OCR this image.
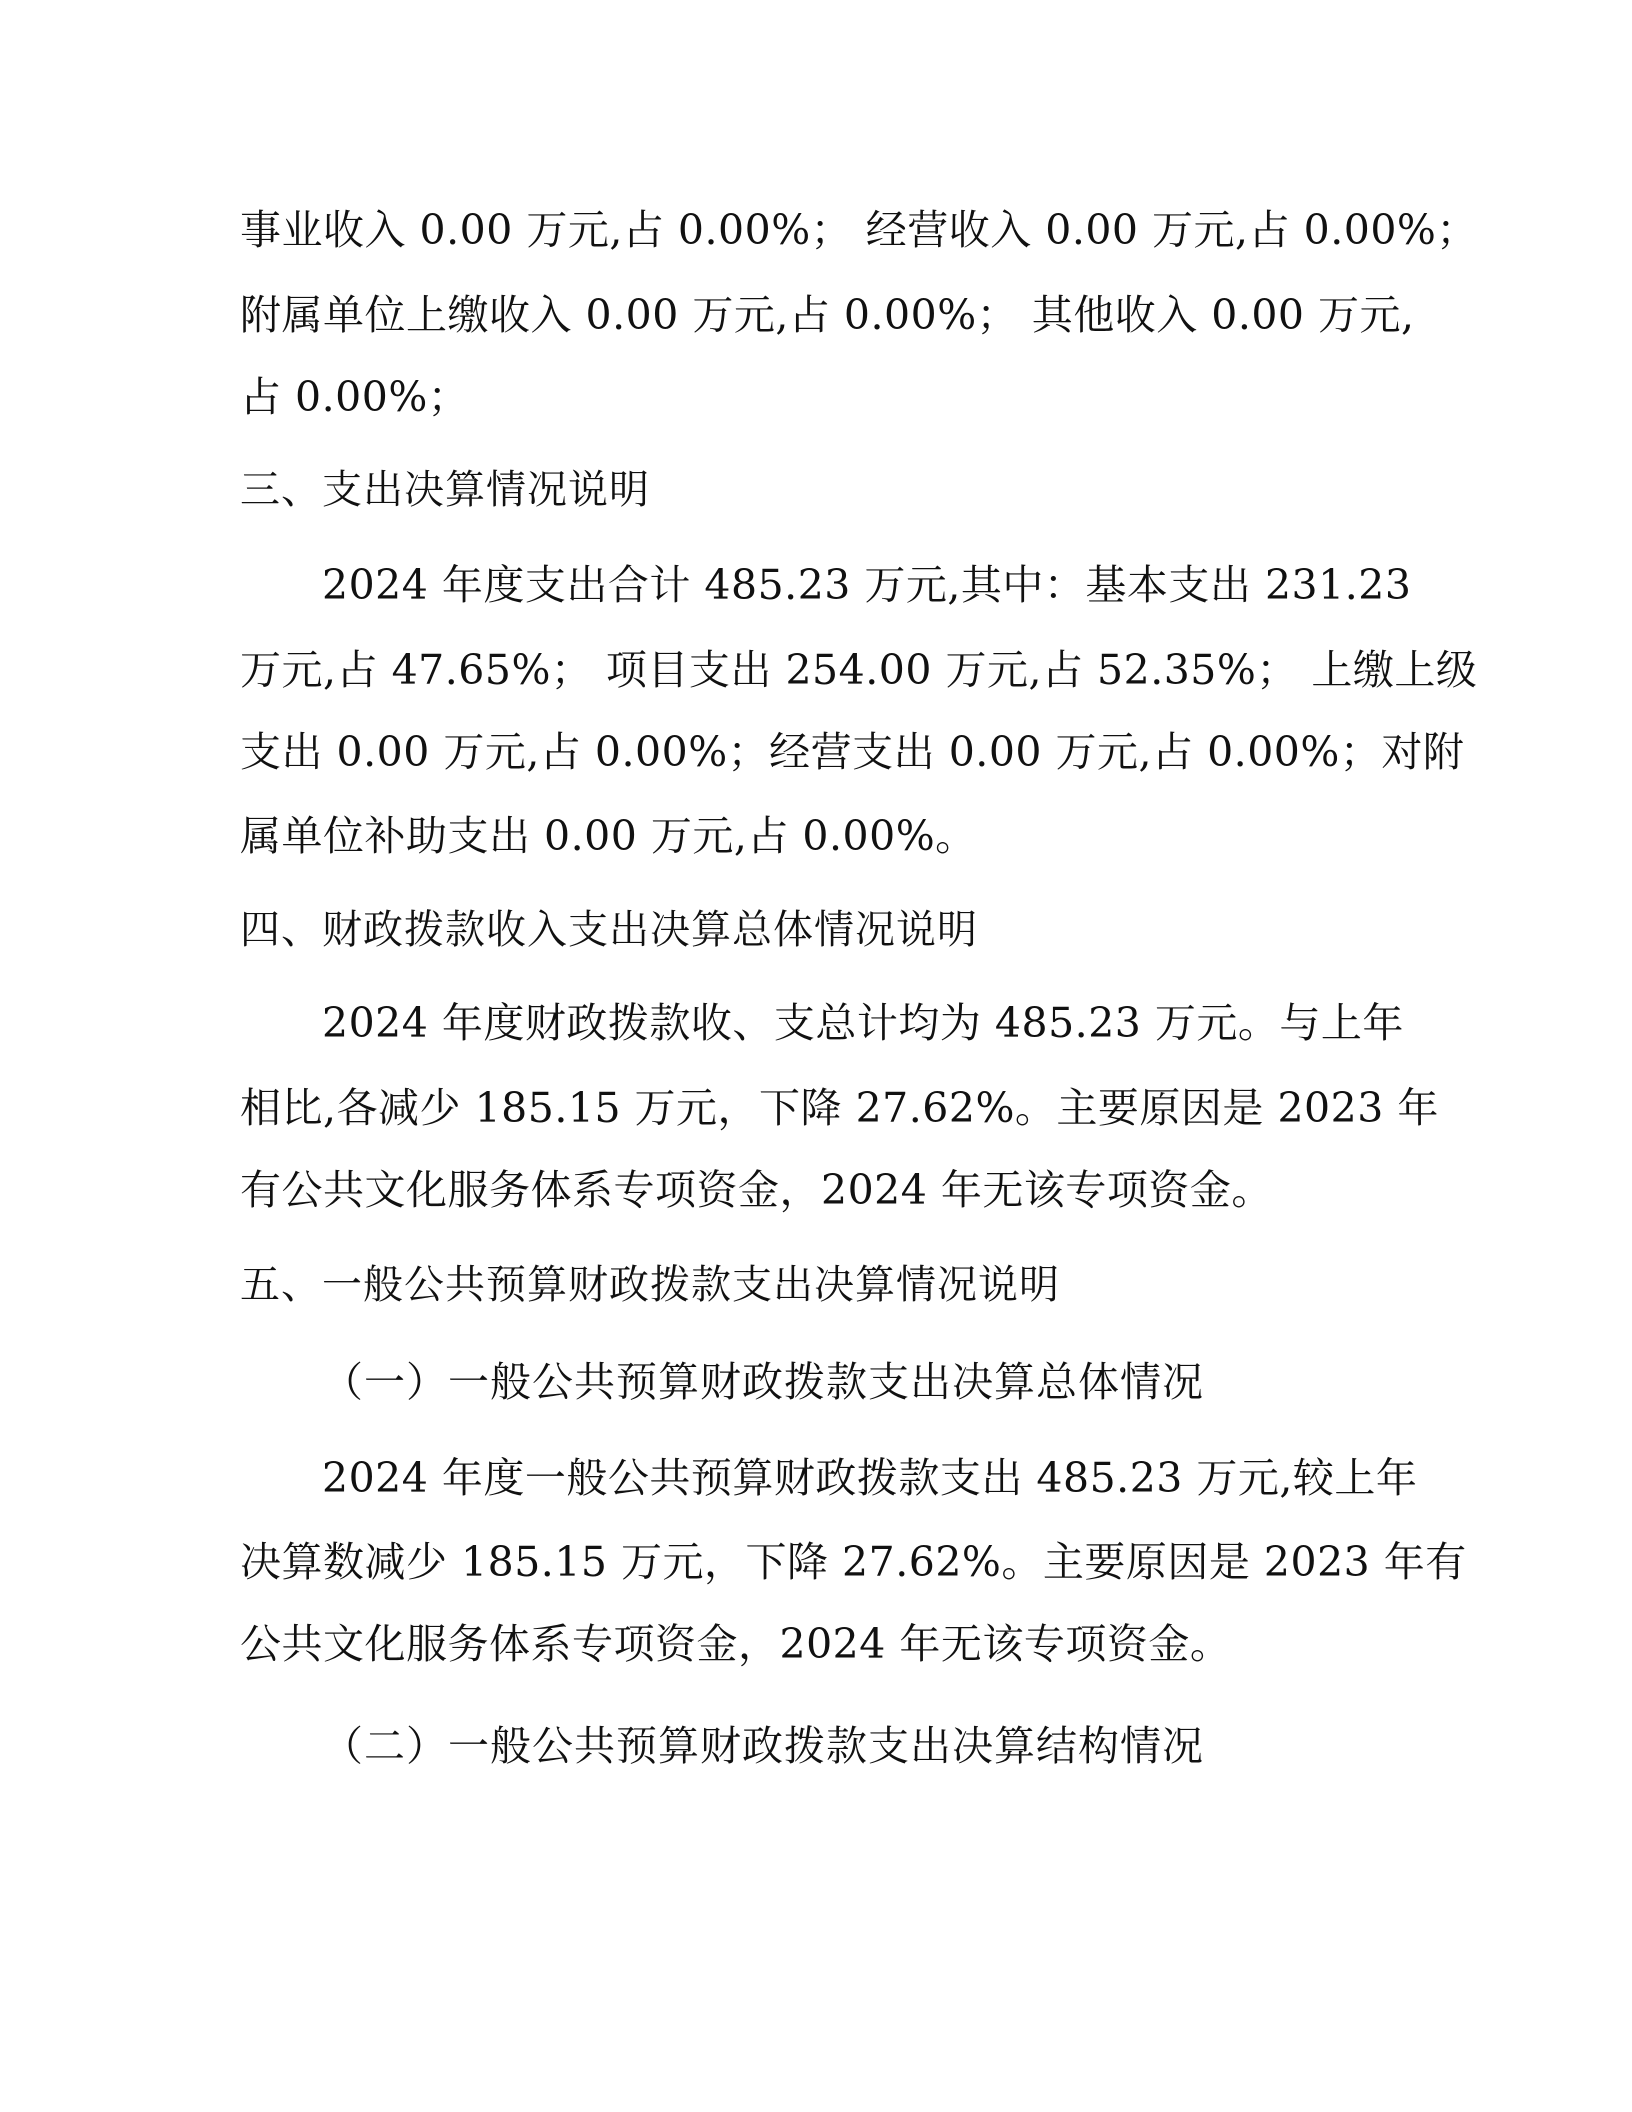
事业收入 0.00 万元,占 0.00%； 经营收入 0.00 万元,占 0.00%；
附属单位上缴收入 0.00 万元,占 0.00%； 其他收入 0.00 万元,
占 0.00%；
三、支出决算情况说明
2024 年度支出合计 485.23 万元,其中：基本支出 231.23
万元,占 47.65%； 项目支出 254.00 万元,占 52.35%； 上缴上级
支出 0.00 万元,占 0.00%；经营支出 0.00 万元,占 0.00%；对附
属单位补助支出 0.00 万元,占 0.00%。
四、财政拨款收入支出决算总体情况说明
2024 年度财政拨款收、支总计均为 485.23 万元。与上年
相比,各减少 185.15 万元，下降 27.62%。主要原因是 2023 年
有公共文化服务体系专项资金，2024 年无该专项资金。
五、一般公共预算财政拨款支出决算情况说明
（一）一般公共预算财政拨款支出决算总体情况
2024 年度一般公共预算财政拨款支出 485.23 万元,较上年
决算数减少 185.15 万元，下降 27.62%。主要原因是 2023 年有
公共文化服务体系专项资金，2024 年无该专项资金。
（二）一般公共预算财政拨款支出决算结构情况
